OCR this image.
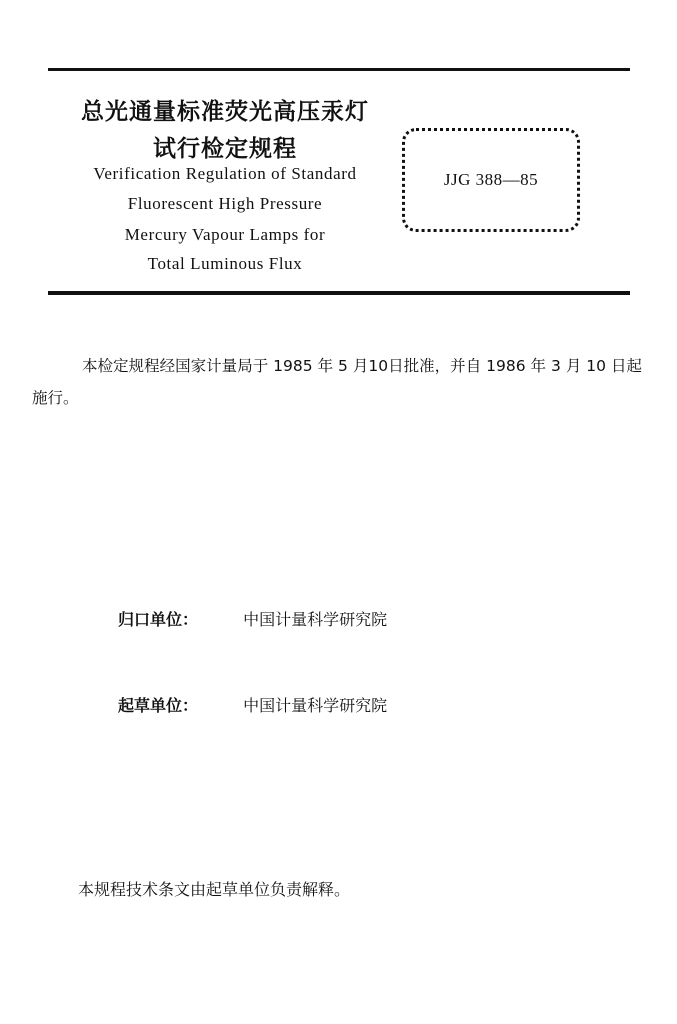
总光通量标准荧光高压汞灯
试行检定规程
Verification Regulation of Standard
Fluorescent High Pressure
Mercury Vapour Lamps for
Total Luminous Flux
JJG 388—85
本检定规程经国家计量局于 1985 年 5 月10日批准，并自 1986 年 3 月 10 日起施行。
归口单位：	中国计量科学研究院
起草单位：	中国计量科学研究院
本规程技术条文由起草单位负责解释。
